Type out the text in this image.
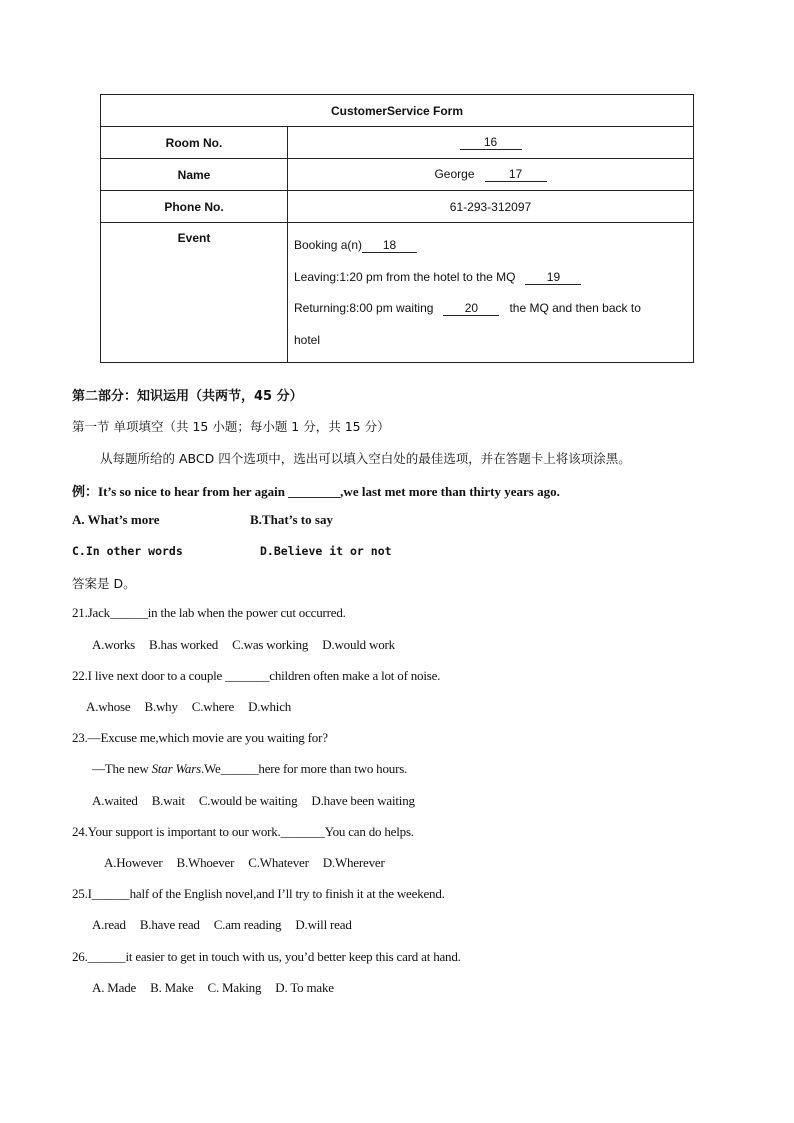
CustomerService Form	
Room No.	16
Name	George 17
Phone No.	61-293-312097
Event	Booking a(n) 18
Leaving:1:20 pm from the hotel to the MQ 19
Returning:8:00 pm waiting 20 the MQ and then back to
hotel
第二部分：知识运用（共两节，45 分）
第一节 单项填空（共 15 小题；每小题 1 分，共 15 分）
从每题所给的 ABCD 四个选项中，选出可以填入空白处的最佳选项，并在答题卡上将该项涂黑。
例：It’s so nice to hear from her again ________,we last met more than thirty years ago.
A. What’s more	B.That’s to say
C.In other words	D.Believe it or not
答案是 D。
21.Jack______in the lab when the power cut occurred.
A.works B.has worked C.was working D.would work
22.I live next door to a couple _______children often make a lot of noise.
A.whose B.why C.where D.which
23.—Excuse me,which movie are you waiting for?
—The new Star Wars.We______here for more than two hours.
A.waited B.wait C.would be waiting D.have been waiting
24.Your support is important to our work._______You can do helps.
A.However B.Whoever C.Whatever D.Wherever
25.I______half of the English novel,and I’ll try to finish it at the weekend.
A.read B.have read C.am reading D.will read
26.______it easier to get in touch with us, you’d better keep this card at hand.
A. Made B. Make C. Making D. To make
